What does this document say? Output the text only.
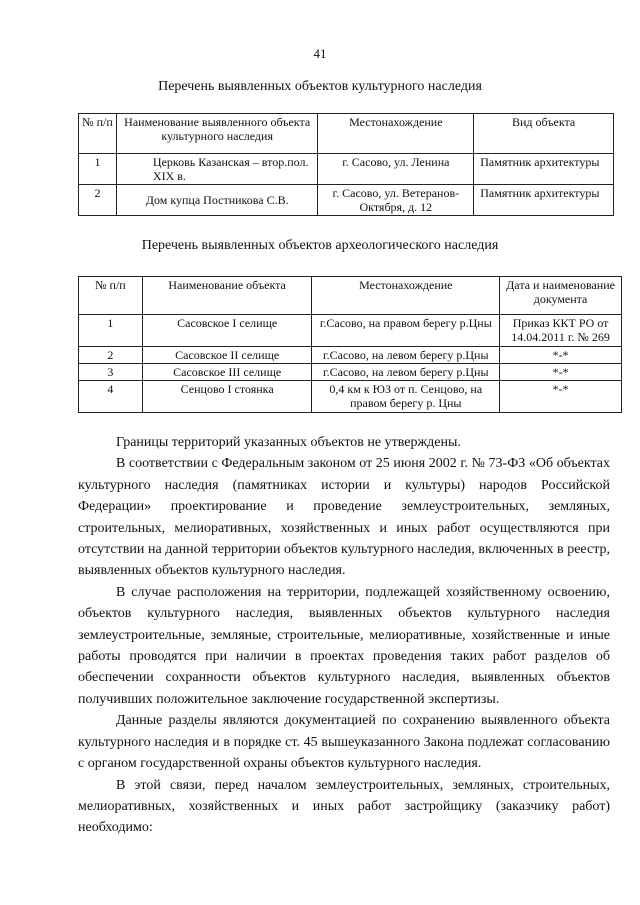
41
Перечень выявленных объектов культурного наследия
№ п/п	Наименование выявленного объекта культурного наследия	Местонахождение	Вид объекта
1	Церковь Казанская – втор.пол. XIX в.	г. Сасово, ул. Ленина	Памятник архитектуры
2	Дом купца Постникова С.В.	г. Сасово, ул. Ветеранов-Октября, д. 12	Памятник архитектуры
Перечень выявленных объектов археологического наследия
№ п/п	Наименование объекта	Местонахождение	Дата и наименование документа
1	Сасовское I селище	г.Сасово, на правом берегу р.Цны	Приказ ККТ РО от 14.04.2011 г. № 269
2	Сасовское II селище	г.Сасово, на левом берегу р.Цны	*-*
3	Сасовское III селище	г.Сасово, на левом берегу р.Цны	*-*
4	Сенцово I стоянка	0,4 км к ЮЗ от п. Сенцово, на правом берегу р. Цны	*-*

Границы территорий указанных объектов не утверждены.

В соответствии с Федеральным законом от 25 июня 2002 г. № 73-ФЗ «Об объектах культурного наследия (памятниках истории и культуры) народов Российской Федерации» проектирование и проведение землеустроительных, земляных, строительных, мелиоративных, хозяйственных и иных работ осуществляются при отсутствии на данной территории объектов культурного наследия, включенных в реестр, выявленных объектов культурного наследия.

В случае расположения на территории, подлежащей хозяйственному освоению, объектов культурного наследия, выявленных объектов культурного наследия землеустроительные, земляные, строительные, мелиоративные, хозяйственные и иные работы проводятся при наличии в проектах проведения таких работ разделов об обеспечении сохранности объектов культурного наследия, выявленных объектов получивших положительное заключение государственной экспертизы.

Данные разделы являются документацией по сохранению выявленного объекта культурного наследия и в порядке ст. 45 вышеуказанного Закона подлежат согласованию с органом государственной охраны объектов культурного наследия.

В этой связи, перед началом землеустроительных, земляных, строительных, мелиоративных, хозяйственных и иных работ застройщику (заказчику работ) необходимо:
